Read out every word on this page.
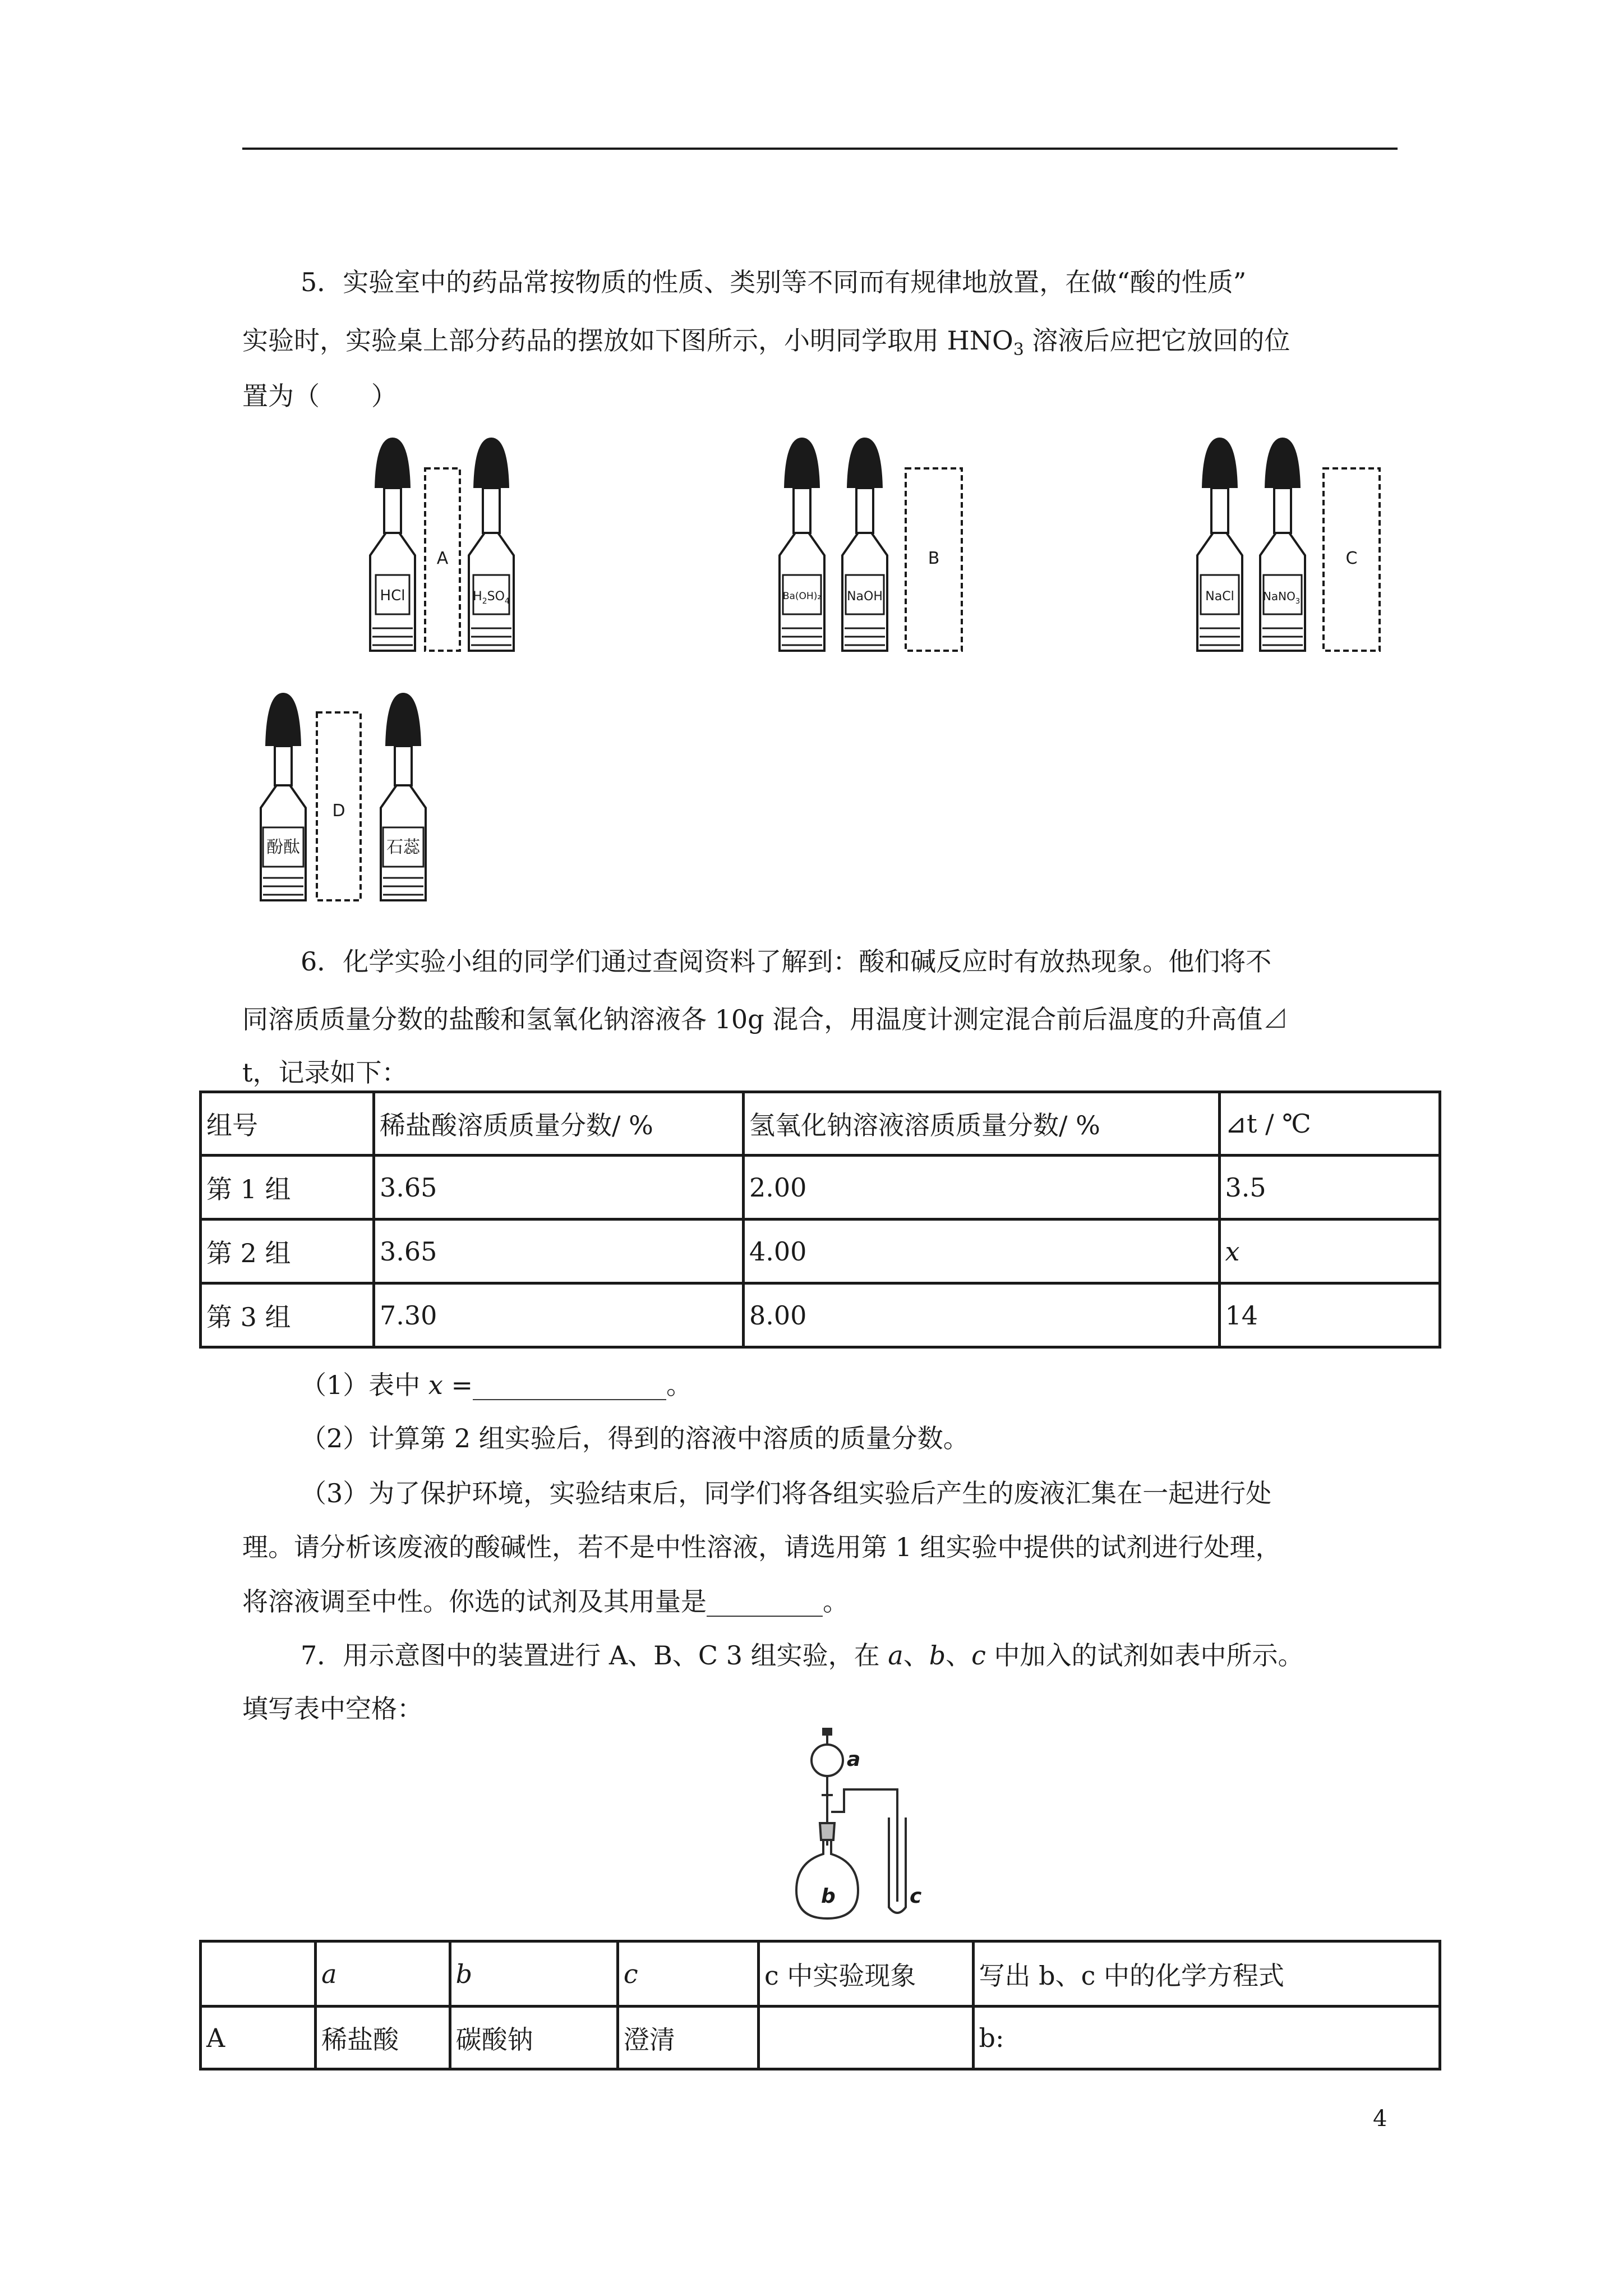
5．实验室中的药品常按物质的性质、类别等不同而有规律地放置，在做“酸的性质”

实验时，实验桌上部分药品的摆放如下图所示，小明同学取用 $HNO_3$ 溶液后应把它放回的位

置为（　　）

HCl
A
$H_2SO_4$	Ba(OH)₂ NaOH
B
NaCl	NaNO$_3$
C
酚酞
D
石蕊

6．化学实验小组的同学们通过查阅资料了解到：酸和碱反应时有放热现象。他们将不

同溶质质量分数的盐酸和氢氧化钠溶液各 10g 混合，用温度计测定混合前后温度的升高值⊿

t，记录如下：

组号	稀盐酸溶质质量分数/ %	氢氧化钠溶液溶质质量分数/ %	⊿t / ℃
第 1 组	3.65	2.00	3.5
第 2 组	3.65	4.00	x
第 3 组	7.30	8.00	14

（1）表中 x =_______________。

（2）计算第 2 组实验后，得到的溶液中溶质的质量分数。

（3）为了保护环境，实验结束后，同学们将各组实验后产生的废液汇集在一起进行处

理。请分析该废液的酸碱性，若不是中性溶液，请选用第 1 组实验中提供的试剂进行处理，

将溶液调至中性。你选的试剂及其用量是_________。

7．用示意图中的装置进行 A、B、C 3 组实验，在 a、b、c 中加入的试剂如表中所示。

填写表中空格：

a
b	c
	a	b	c	c 中实验现象	写出 b、c 中的化学方程式
A	稀盐酸	碳酸钠	澄清		b:
4
